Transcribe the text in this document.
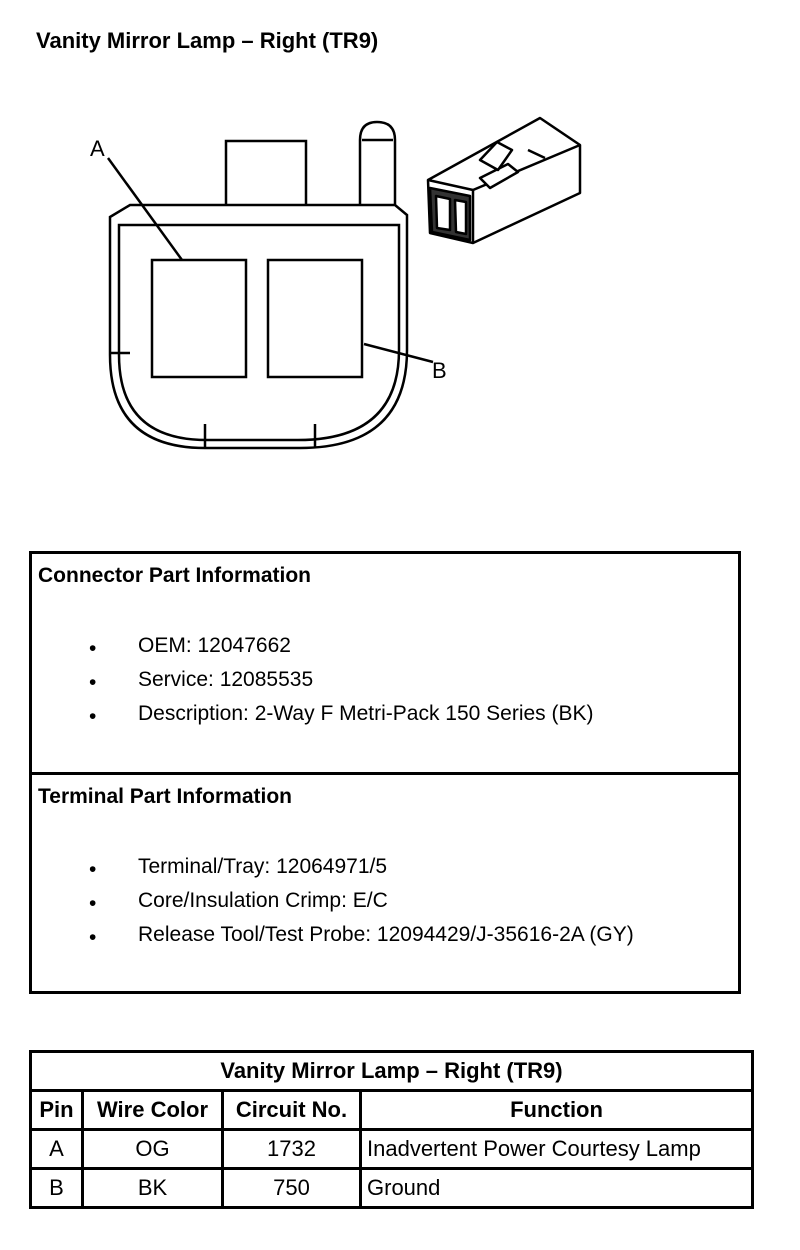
Vanity Mirror Lamp – Right (TR9)
A
B
Connector Part Information
• OEM: 12047662
• Service: 12085535
• Description: 2-Way F Metri-Pack 150 Series (BK)
Terminal Part Information
• Terminal/Tray: 12064971/5
• Core/Insulation Crimp: E/C
• Release Tool/Test Probe: 12094429/J-35616-2A (GY)
Vanity Mirror Lamp – Right (TR9)			
Pin	Wire Color	Circuit No.	Function
A	OG	1732	Inadvertent Power Courtesy Lamp
B	BK	750	Ground
